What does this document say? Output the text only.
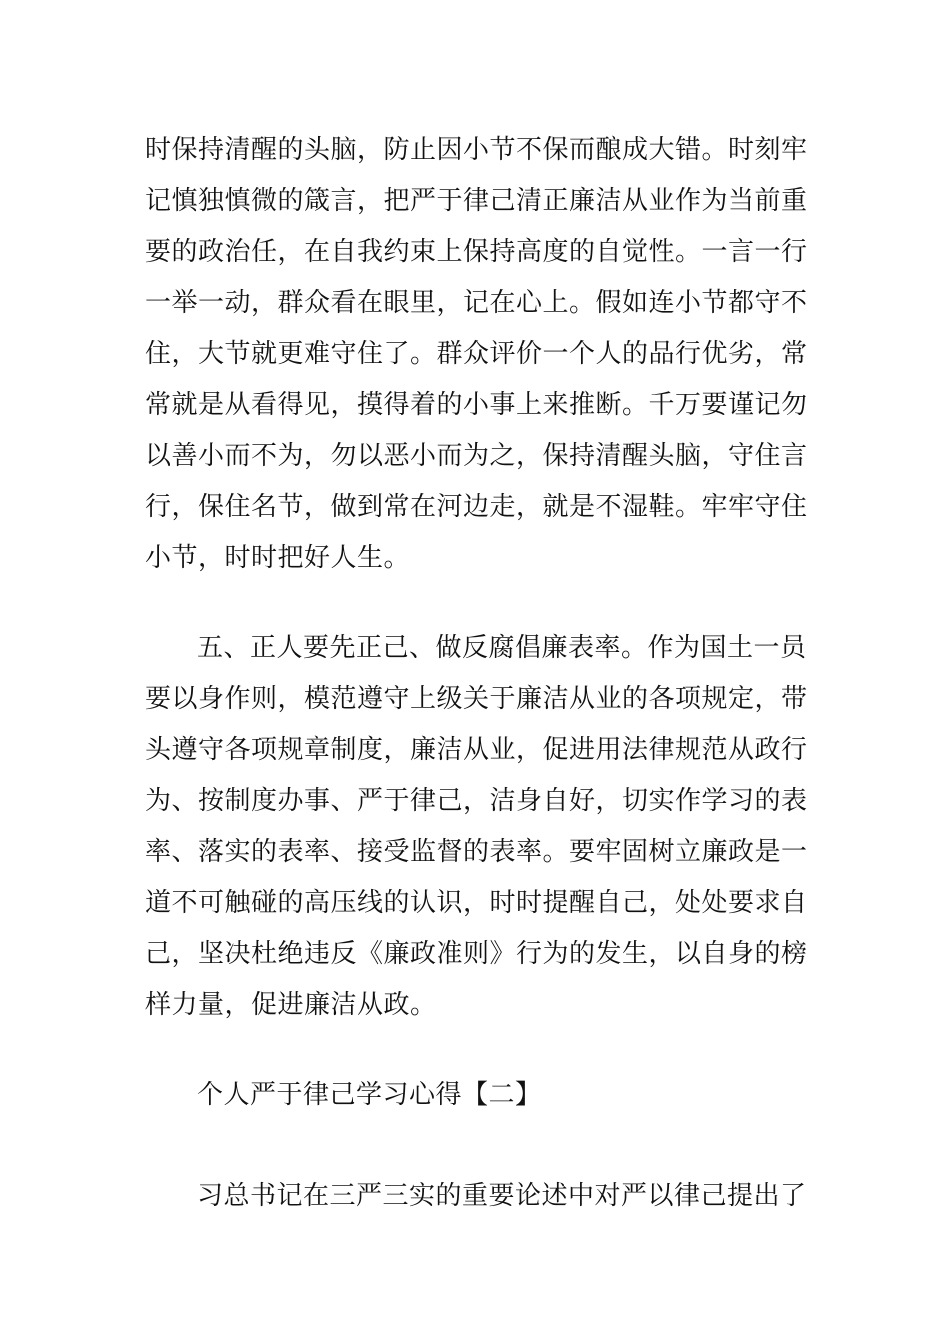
时保持清醒的头脑，防止因小节不保而酿成大错。时刻牢
记慎独慎微的箴言，把严于律己清正廉洁从业作为当前重
要的政治任，在自我约束上保持高度的自觉性。一言一行
一举一动，群众看在眼里，记在心上。假如连小节都守不
住，大节就更难守住了。群众评价一个人的品行优劣，常
常就是从看得见，摸得着的小事上来推断。千万要谨记勿
以善小而不为，勿以恶小而为之，保持清醒头脑，守住言
行，保住名节，做到常在河边走，就是不湿鞋。牢牢守住
小节，时时把好人生。
五、正人要先正己、做反腐倡廉表率。作为国土一员
要以身作则，模范遵守上级关于廉洁从业的各项规定，带
头遵守各项规章制度，廉洁从业，促进用法律规范从政行
为、按制度办事、严于律己，洁身自好，切实作学习的表
率、落实的表率、接受监督的表率。要牢固树立廉政是一
道不可触碰的高压线的认识，时时提醒自己，处处要求自
己，坚决杜绝违反《廉政准则》行为的发生，以自身的榜
样力量，促进廉洁从政。
个人严于律己学习心得【二】
习总书记在三严三实的重要论述中对严以律己提出了
